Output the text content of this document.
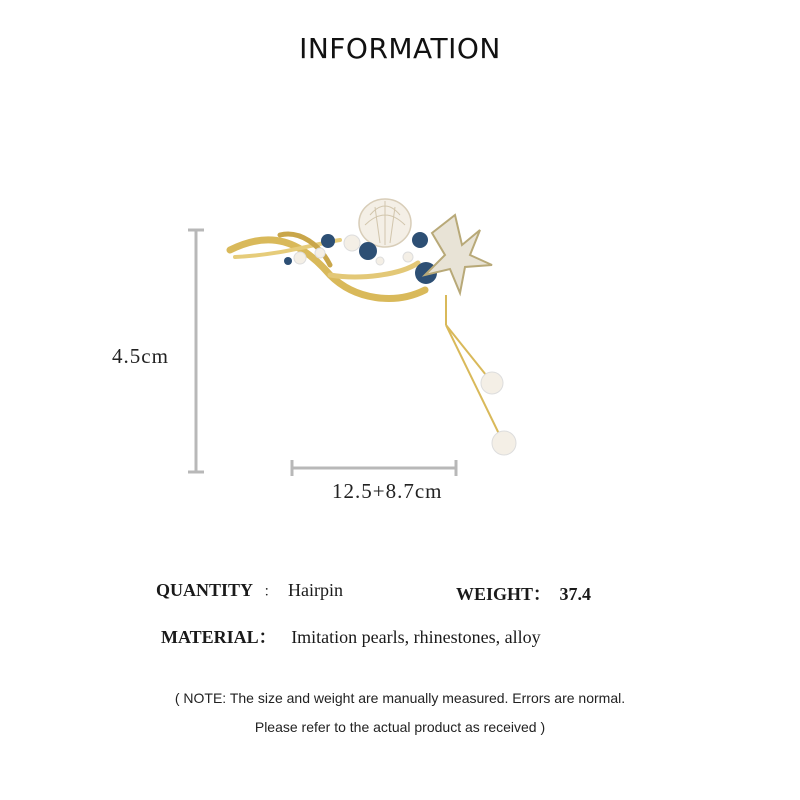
INFORMATION
4.5cm
12.5+8.7cm
QUANTITY ： Hairpin	WEIGHT： 37.4
MATERIAL： Imitation pearls, rhinestones, alloy
( NOTE: The size and weight are manually measured. Errors are normal.
Please refer to the actual product as received )
